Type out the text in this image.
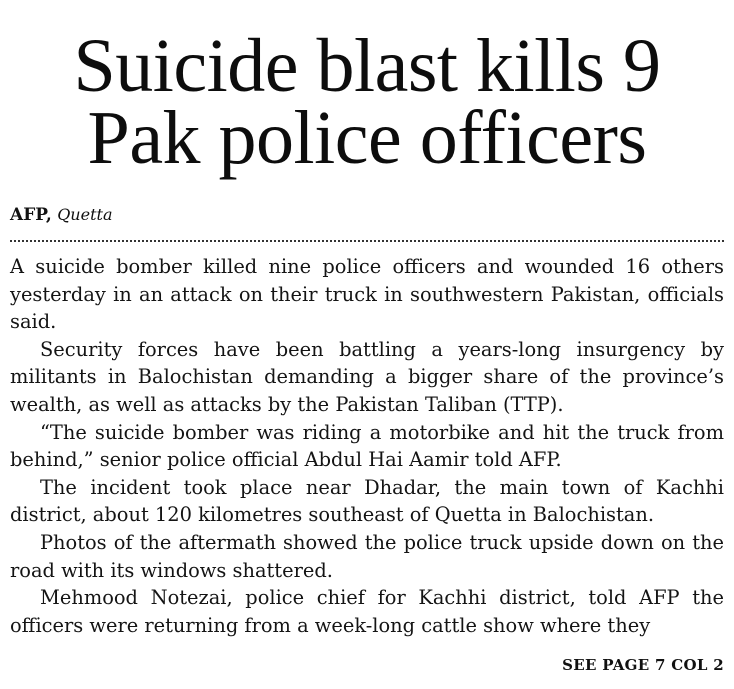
Suicide blast kills 9
Pak police officers
AFP, Quetta

A suicide bomber killed nine police officers and wounded 16 others yesterday in an attack on their truck in southwestern Pakistan, officials said.

Security forces have been battling a years-long insurgency by militants in Balochistan demanding a bigger share of the province’s wealth, as well as attacks by the Pakistan Taliban (TTP).

“The suicide bomber was riding a motorbike and hit the truck from behind,” senior police official Abdul Hai Aamir told AFP.

The incident took place near Dhadar, the main town of Kachhi district, about 120 kilometres southeast of Quetta in Balochistan.

Photos of the aftermath showed the police truck upside down on the road with its windows shattered.

Mehmood Notezai, police chief for Kachhi district, told AFP the officers were returning from a week-long cattle show where they

SEE PAGE 7 COL 2
